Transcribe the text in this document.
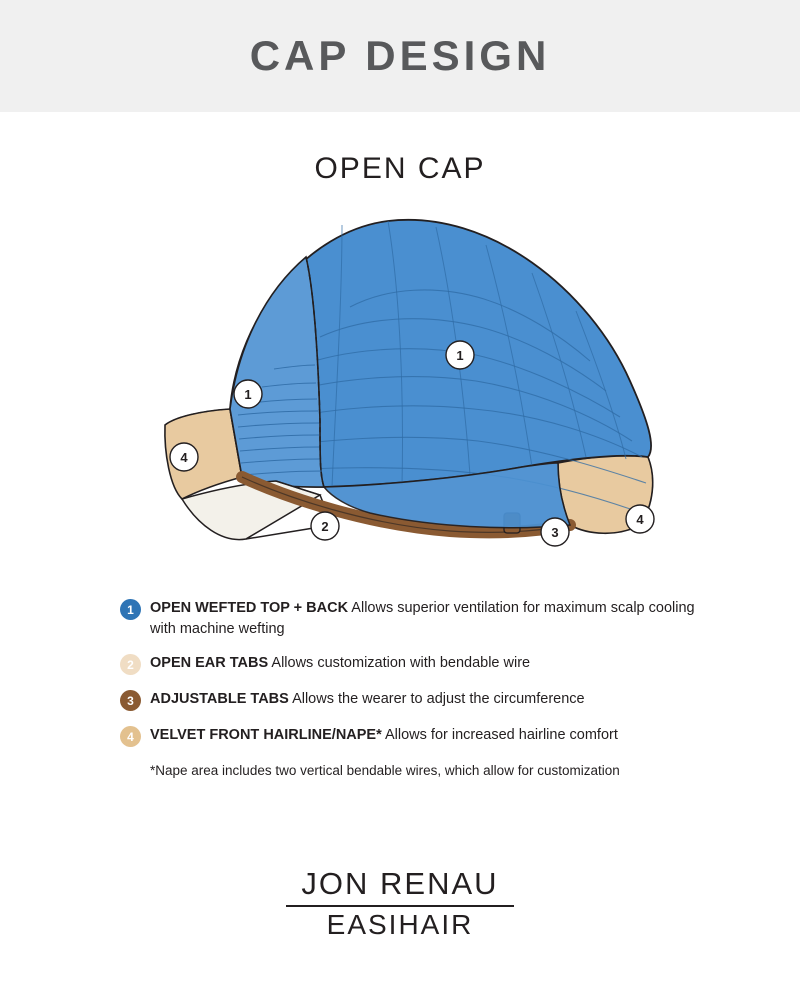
CAP DESIGN
OPEN CAP
1
1
4
2	3
4
1	OPEN WEFTED TOP + BACK Allows superior ventilation for maximum scalp cooling with machine wefting
2	OPEN EAR TABS Allows customization with bendable wire
3	ADJUSTABLE TABS Allows the wearer to adjust the circumference
4	VELVET FRONT HAIRLINE/NAPE* Allows for increased hairline comfort
*Nape area includes two vertical bendable wires, which allow for customization
JON RENAU
EASIHAIR
